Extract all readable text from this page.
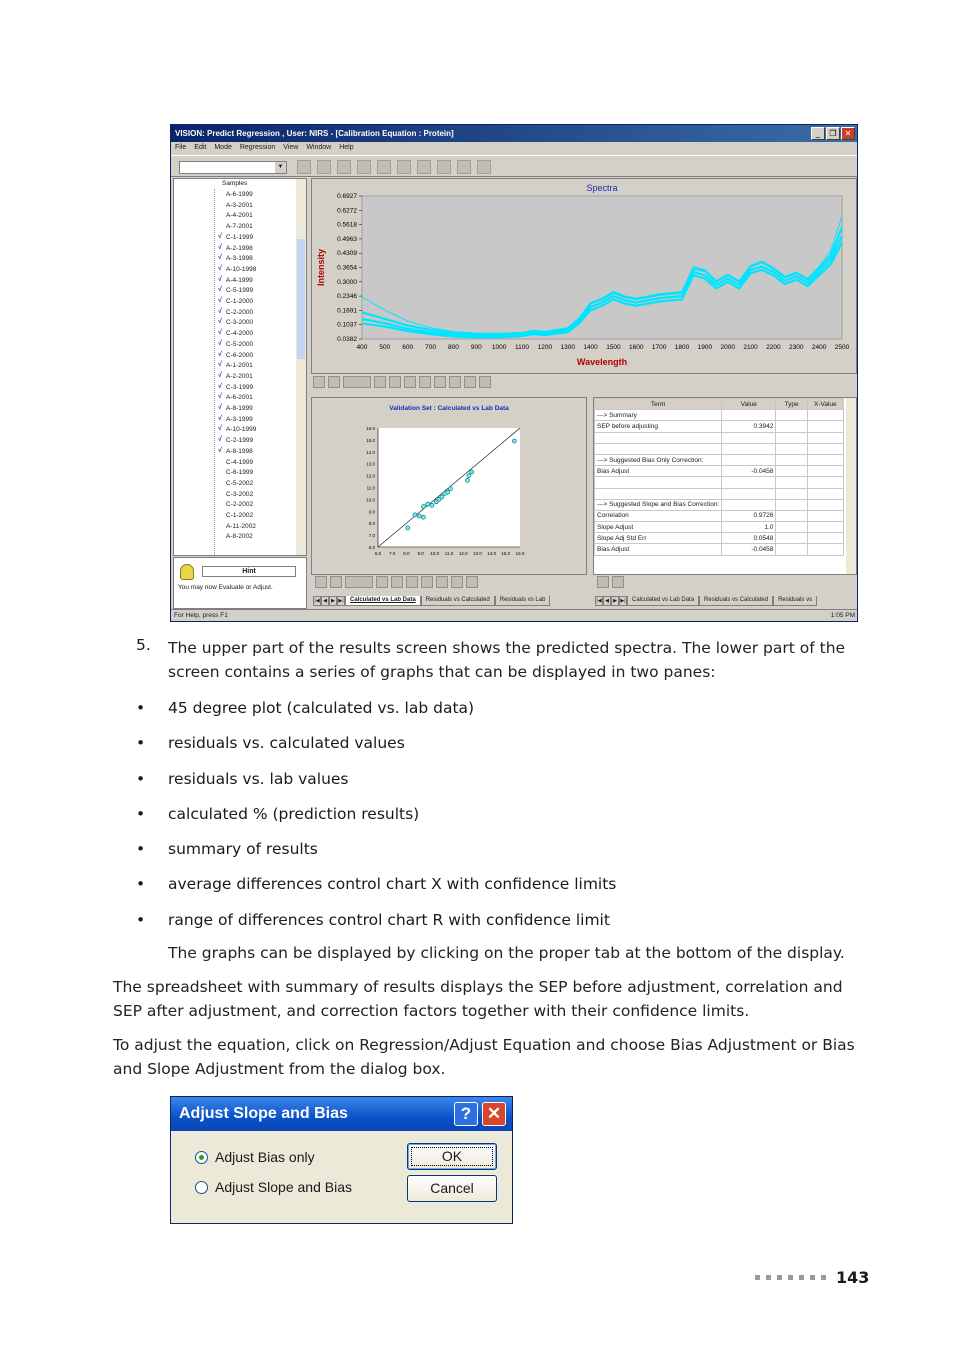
VISION: Predict Regression , User: NIRS - [Calibration Equation : Protein]	_	❐	✕
File Edit Mode Regression View Window Help
▼
Samples
A-6-1999
A-3-2001
A-4-2001
A-7-2001
√ C-1-1999
√ A-2-1998
√ A-3-1998
√ A-10-1998
√ A-4-1999
√ C-5-1999
√ C-1-2000
√ C-2-2000
√ C-3-2000
√ C-4-2000
√ C-5-2000
√ C-6-2000
√ A-1-2001
√ A-2-2001
√ C-3-1999
√ A-6-2001
√ A-8-1999
√ A-3-1999
√ A-10-1999
√ C-2-1999
√ A-8-1998
C-4-1999
C-6-1999
C-5-2002
C-3-2002
C-2-2002
C-1-2002
A-11-2002
A-8-2002
Hint
You may now Evaluate or Adjust.
Spectra
Wavelength
Intensity
0.6927
0.6272
0.5618
0.4963
0.4309
0.3654
0.3000
0.2346
0.1691
0.1037
0.0382
400 500 600 700 800 900 1000 1100 1200 1300 1400 1500 1600 1700 1800 1900 2000 2100 2200 2300 2400 2500
Validation Set : Calculated vs Lab Data
16.0
15.0
14.0
13.0
12.0
11.0
10.0
9.0
8.0
7.0
6.0
6.0 7.0 8.0 9.0 10.0 11.0 12.0 13.0 14.0 15.0 16.0
|◀ ◀ ▶ ▶|	Calculated vs Lab Data	Residuals vs Calculated	Residuals vs Lab
Term	Value	Type	X-Value
---> Summary			
SEP before adjusting	0.3942		

---> Suggested Bias Only Correction:			
Bias Adjust	-0.0458		

---> Suggested Slope and Bias Correction:			
Correlation	0.9726		
Slope Adjust	1.0		
Slope Adj Std Err	0.0548		
Bias Adjust	-0.0458		
|◀ ◀ ▶ ▶|	Calculated vs Lab Data	Residuals vs Calculated	Residuals vs
For Help, press F1	1:05 PM
5. The upper part of the results screen shows the predicted spectra. The lower part of the screen contains a series of graphs that can be displayed in two panes:
• 45 degree plot (calculated vs. lab data)
• residuals vs. calculated values
• residuals vs. lab values
• calculated % (prediction results)
• summary of results
• average differences control chart X with confidence limits
• range of differences control chart R with confidence limit
The graphs can be displayed by clicking on the proper tab at the bottom of the display.
The spreadsheet with summary of results displays the SEP before adjustment, correlation and SEP after adjustment, and correction factors together with their confidence limits.
To adjust the equation, click on Regression/Adjust Equation and choose Bias Adjustment or Bias and Slope Adjustment from the dialog box.
Adjust Slope and Bias	? ✕
Adjust Bias only
Adjust Slope and Bias
OK
Cancel
143
